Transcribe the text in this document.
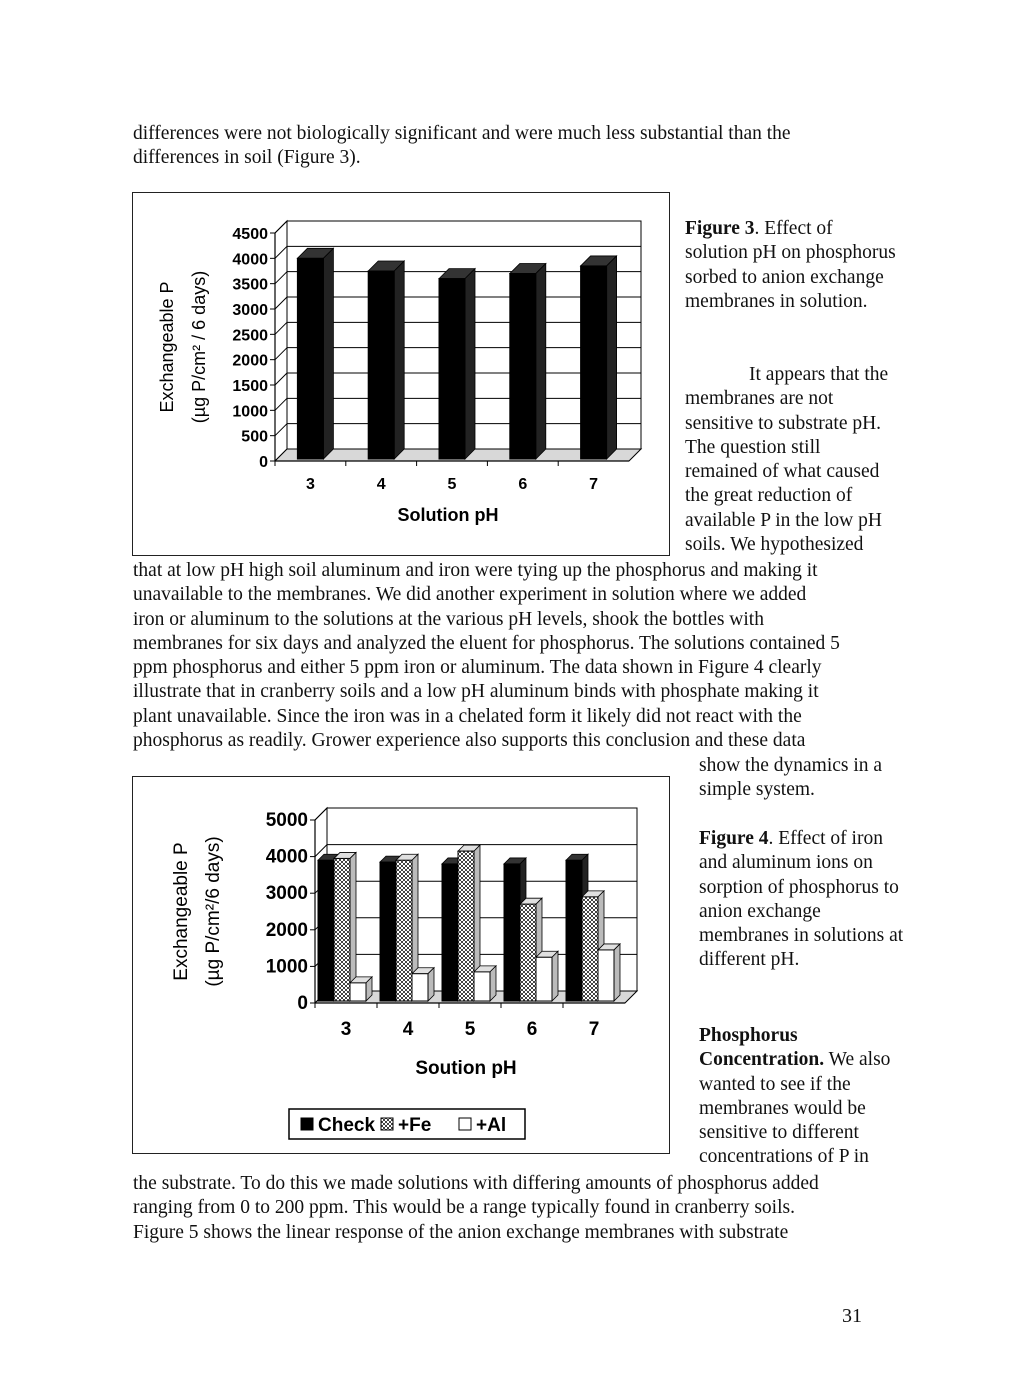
differences were not biologically significant and were much less substantial than the

differences in soil (Figure 3).

0
500
1000
1500
2000
2500
3000
3500
4000
4500
3	4	5	6	7
Solution pH
Exchangeable P (µg P/cm² / 6 days)
Figure 3. Effect of solution pH on phosphorus sorbed to anion exchange membranes in solution.
It appears that the
membranes are not
sensitive to substrate pH.
The question still
remained of what caused
the great reduction of
available P in the low pH
soils. We hypothesized

that at low pH high soil aluminum and iron were tying up the phosphorus and making it

unavailable to the membranes. We did another experiment in solution where we added

iron or aluminum to the solutions at the various pH levels, shook the bottles with

membranes for six days and analyzed the eluent for phosphorus. The solutions contained 5

ppm phosphorus and either 5 ppm iron or aluminum. The data shown in Figure 4 clearly

illustrate that in cranberry soils and a low pH aluminum binds with phosphate making it

plant unavailable. Since the iron was in a chelated form it likely did not react with the

phosphorus as readily. Grower experience also supports this conclusion and these data

show the dynamics in a
simple system.
0
1000
2000
3000
4000
5000
3	4	5	6	7
Soution pH
Exchangeable P (µg P/cm²/6 days)
Check +Fe +Al
Figure 4. Effect of iron and aluminum ions on sorption of phosphorus to anion exchange membranes in solutions at different pH.
Phosphorus Concentration. We also wanted to see if the membranes would be sensitive to different concentrations of P in

the substrate. To do this we made solutions with differing amounts of phosphorus added

ranging from 0 to 200 ppm. This would be a range typically found in cranberry soils.

Figure 5 shows the linear response of the anion exchange membranes with substrate

31
